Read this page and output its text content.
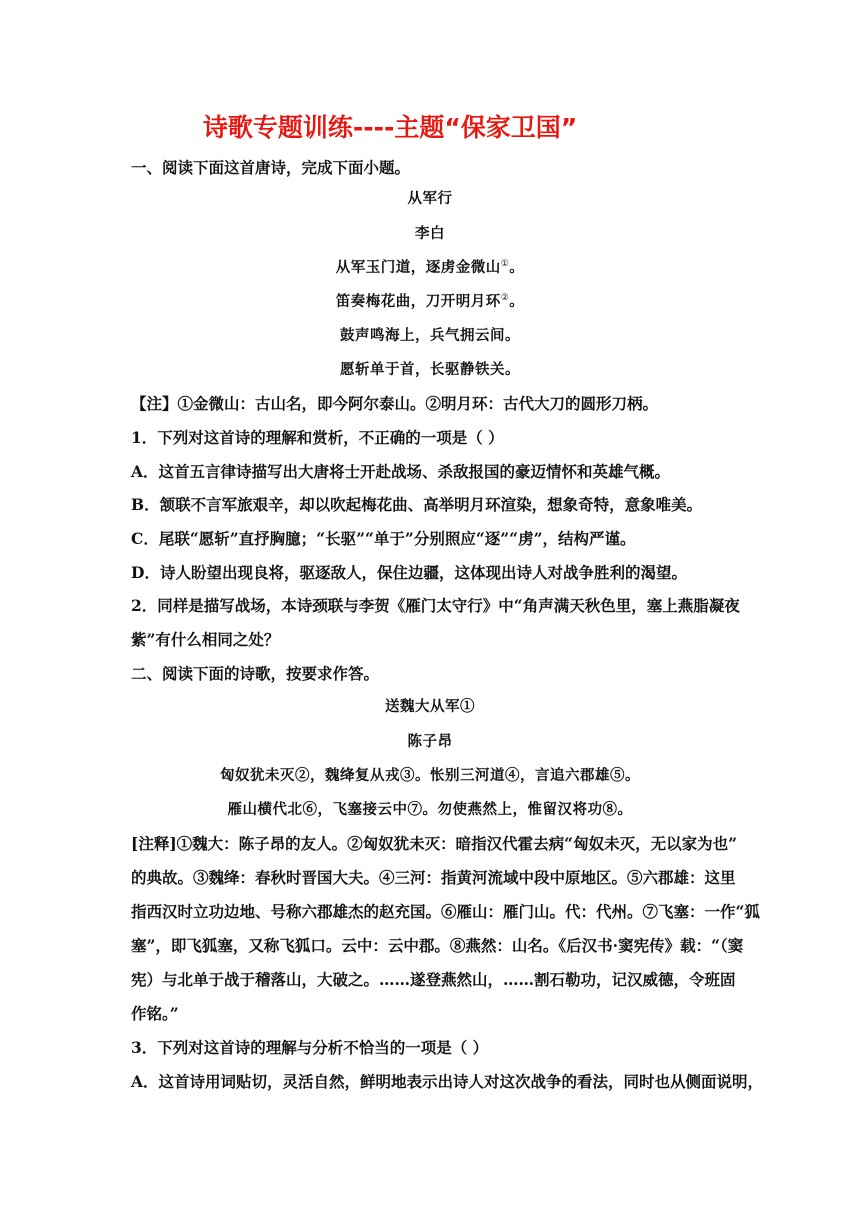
诗歌专题训练----主题“保家卫国”
一、阅读下面这首唐诗，完成下面小题。
从军行
李白
从军玉门道，逐虏金微山①。
笛奏梅花曲，刀开明月环②。
鼓声鸣海上，兵气拥云间。
愿斩单于首，长驱静铁关。
【注】①金微山：古山名，即今阿尔泰山。②明月环：古代大刀的圆形刀柄。
1．下列对这首诗的理解和赏析，不正确的一项是（ ）
A．这首五言律诗描写出大唐将士开赴战场、杀敌报国的豪迈情怀和英雄气概。
B．颔联不言军旅艰辛，却以吹起梅花曲、高举明月环渲染，想象奇特，意象唯美。
C．尾联“愿斩”直抒胸臆；“长驱”“单于”分别照应“逐”“虏”，结构严谨。
D．诗人盼望出现良将，驱逐敌人，保住边疆，这体现出诗人对战争胜利的渴望。
2．同样是描写战场，本诗颈联与李贺《雁门太守行》中“角声满天秋色里，塞上燕脂凝夜
紫”有什么相同之处？
二、阅读下面的诗歌，按要求作答。
送魏大从军①
陈子昂
匈奴犹未灭②，魏绛复从戎③。怅别三河道④，言追六郡雄⑤。
雁山横代北⑥，飞塞接云中⑦。勿使燕然上，惟留汉将功⑧。
[注释]①魏大：陈子昂的友人。②匈奴犹未灭：暗指汉代霍去病“匈奴未灭，无以家为也”
的典故。③魏绛：春秋时晋国大夫。④三河：指黄河流域中段中原地区。⑤六郡雄：这里
指西汉时立功边地、号称六郡雄杰的赵充国。⑥雁山：雁门山。代：代州。⑦飞塞：一作“狐
塞”，即飞狐塞，又称飞狐口。云中：云中郡。⑧燕然：山名。《后汉书·窦宪传》载：“（窦
宪）与北单于战于稽落山，大破之。……遂登燕然山，……割石勒功，记汉威德，令班固
作铭。”
3．下列对这首诗的理解与分析不恰当的一项是（ ）
A．这首诗用词贴切，灵活自然，鲜明地表示出诗人对这次战争的看法，同时也从侧面说明，
